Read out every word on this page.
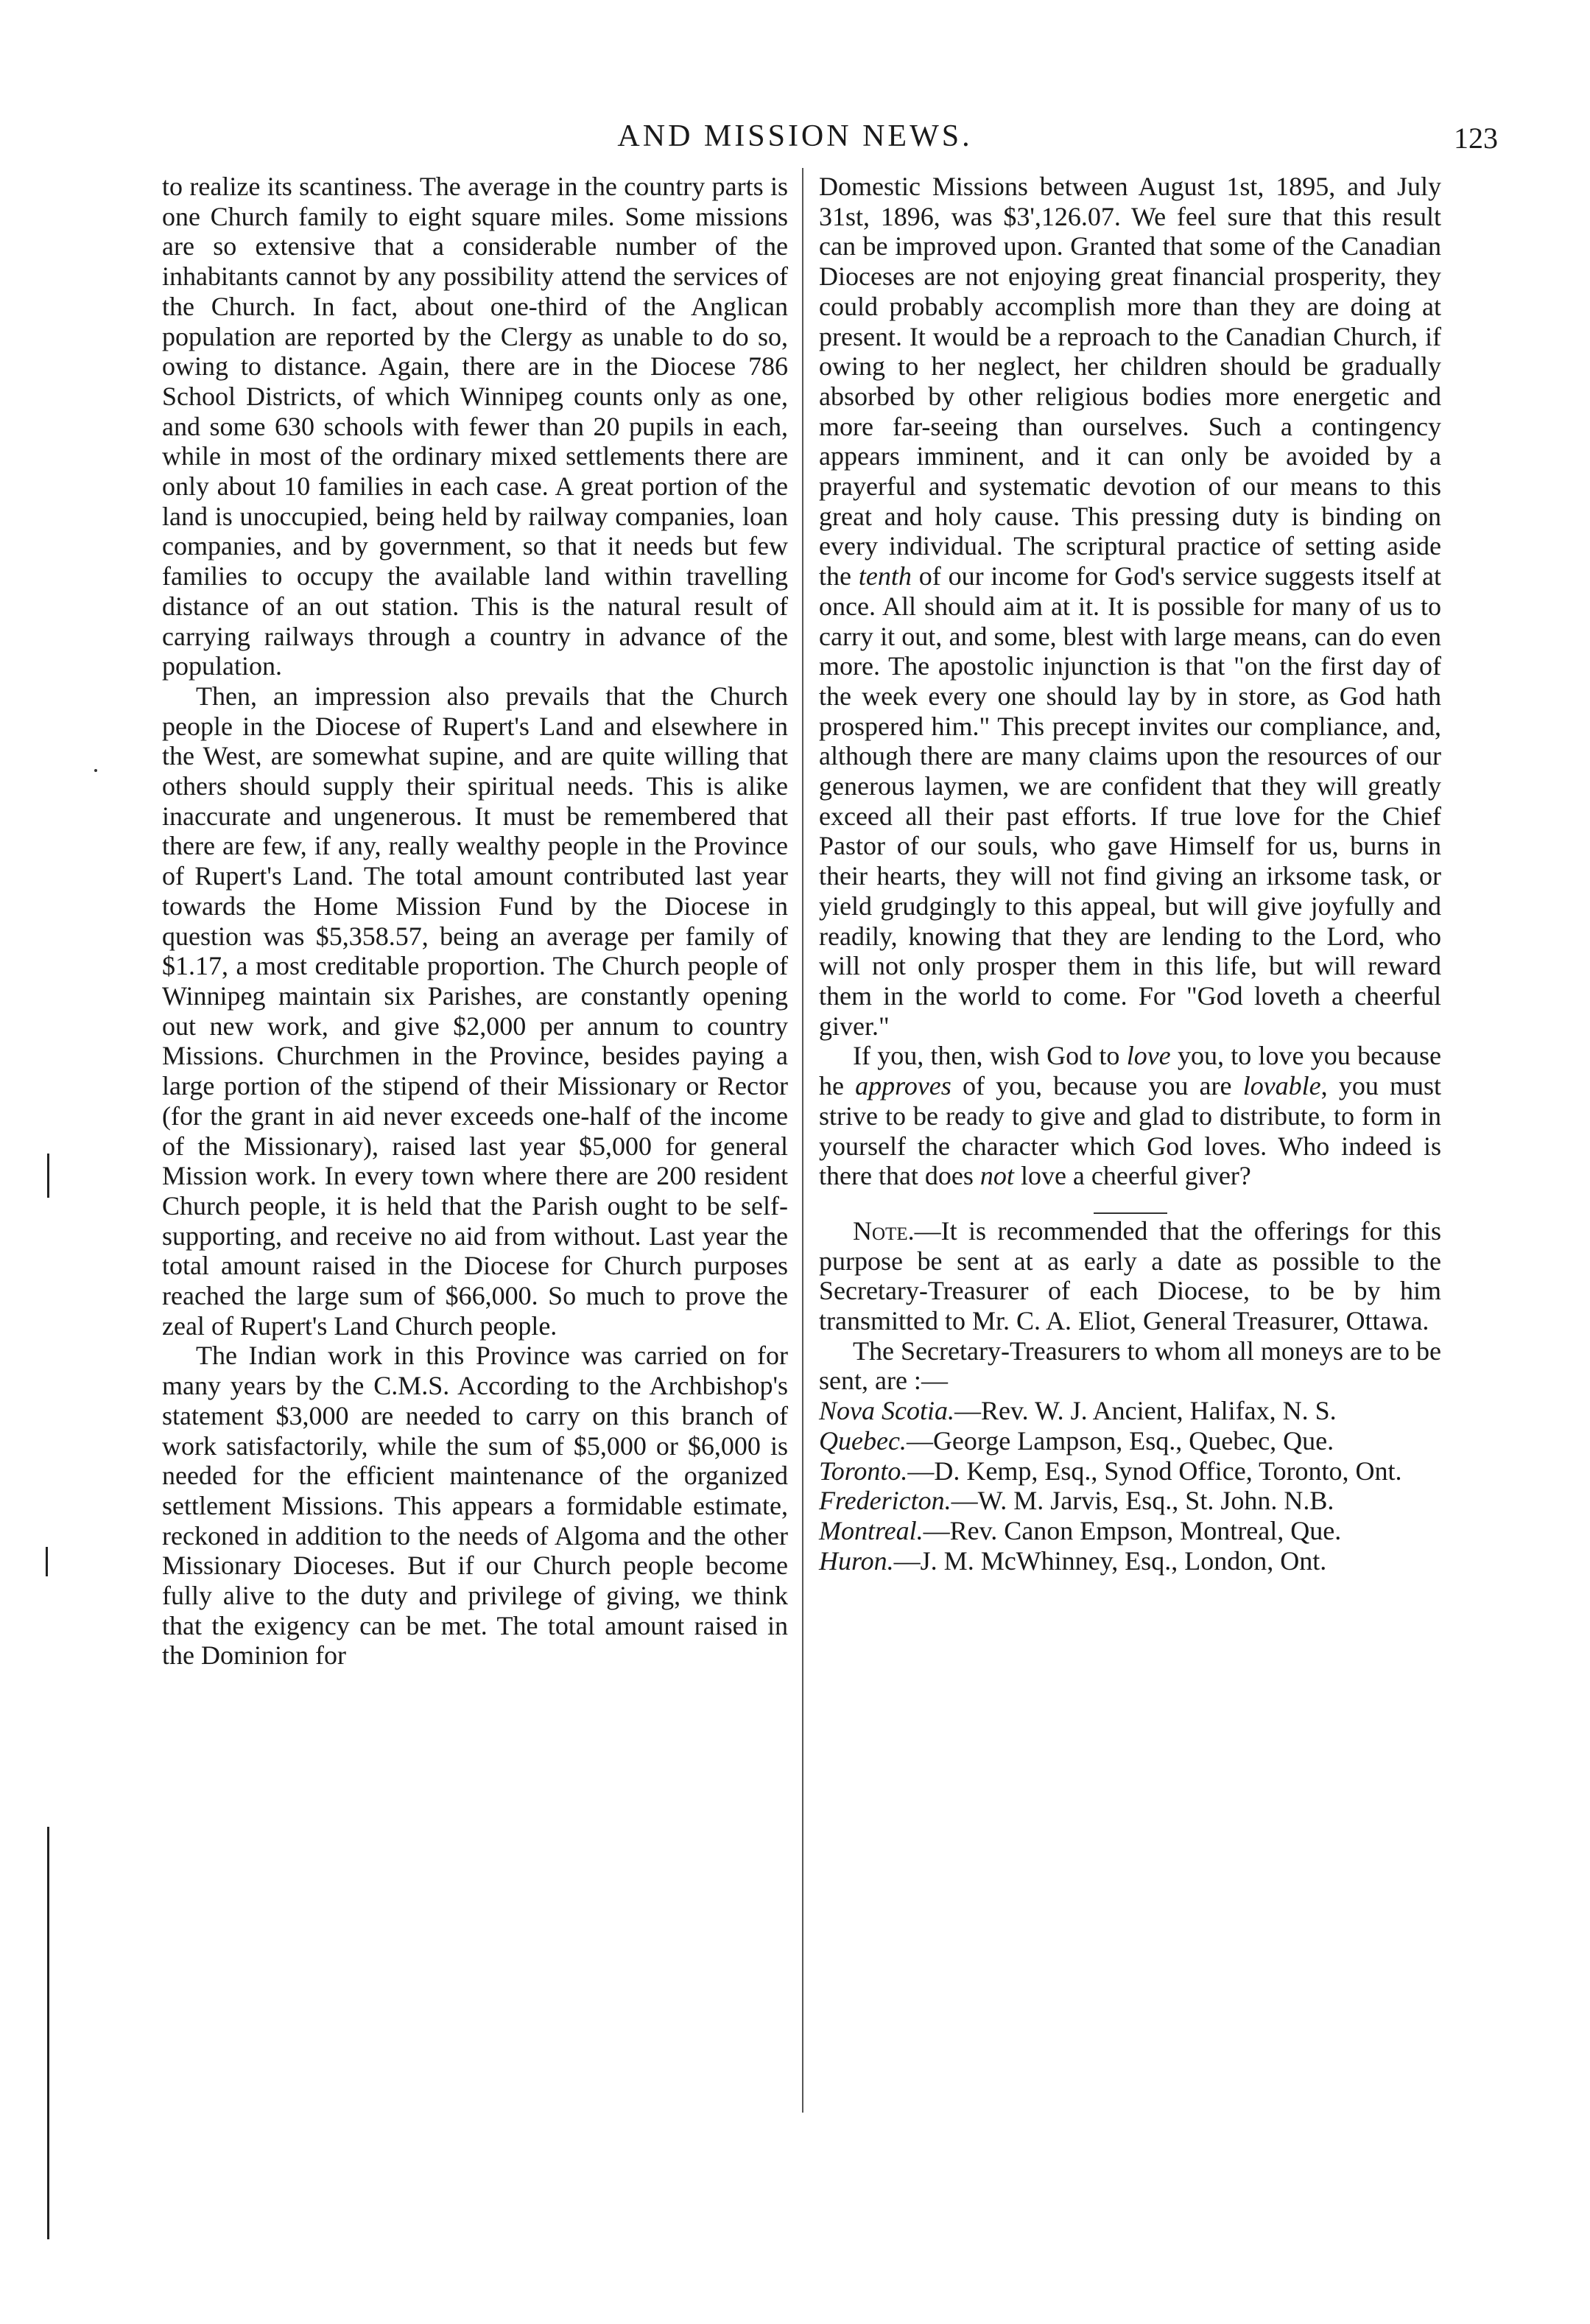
AND MISSION NEWS.	123

to realize its scantiness. The average in the country parts is one Church family to eight square miles. Some missions are so extensive that a considerable number of the inhabitants cannot by any possibility attend the services of the Church. In fact, about one-third of the Anglican population are reported by the Clergy as unable to do so, owing to distance. Again, there are in the Diocese 786 School Districts, of which Winnipeg counts only as one, and some 630 schools with fewer than 20 pupils in each, while in most of the ordinary mixed settlements there are only about 10 families in each case. A great portion of the land is unoccupied, being held by railway companies, loan companies, and by government, so that it needs but few families to occupy the available land within travelling distance of an out station. This is the natural result of carrying railways through a country in advance of the population.

Then, an impression also prevails that the Church people in the Diocese of Rupert's Land and elsewhere in the West, are somewhat supine, and are quite willing that others should supply their spiritual needs. This is alike inaccurate and ungenerous. It must be remembered that there are few, if any, really wealthy people in the Province of Rupert's Land. The total amount contributed last year towards the Home Mission Fund by the Diocese in question was $5,358.57, being an average per family of $1.17, a most creditable proportion. The Church people of Winnipeg maintain six Parishes, are constantly opening out new work, and give $2,000 per annum to country Missions. Churchmen in the Province, besides paying a large portion of the stipend of their Missionary or Rector (for the grant in aid never exceeds one-half of the income of the Missionary), raised last year $5,000 for general Mission work. In every town where there are 200 resident Church people, it is held that the Parish ought to be self-supporting, and receive no aid from without. Last year the total amount raised in the Diocese for Church purposes reached the large sum of $66,000. So much to prove the zeal of Rupert's Land Church people.

The Indian work in this Province was carried on for many years by the C.M.S. According to the Archbishop's statement $3,000 are needed to carry on this branch of work satisfactorily, while the sum of $5,000 or $6,000 is needed for the efficient maintenance of the organized settlement Missions. This appears a formidable estimate, reckoned in addition to the needs of Algoma and the other Missionary Dioceses. But if our Church people become fully alive to the duty and privilege of giving, we think that the exigency can be met. The total amount raised in the Dominion for

Domestic Missions between August 1st, 1895, and July 31st, 1896, was $3',126.07. We feel sure that this result can be improved upon. Granted that some of the Canadian Dioceses are not enjoying great financial prosperity, they could probably accomplish more than they are doing at present. It would be a reproach to the Canadian Church, if owing to her neglect, her children should be gradually absorbed by other religious bodies more energetic and more far-seeing than ourselves. Such a contingency appears imminent, and it can only be avoided by a prayerful and systematic devotion of our means to this great and holy cause. This pressing duty is binding on every individual. The scriptural practice of setting aside the tenth of our income for God's service suggests itself at once. All should aim at it. It is possible for many of us to carry it out, and some, blest with large means, can do even more. The apostolic injunction is that "on the first day of the week every one should lay by in store, as God hath prospered him." This precept invites our compliance, and, although there are many claims upon the resources of our generous laymen, we are confident that they will greatly exceed all their past efforts. If true love for the Chief Pastor of our souls, who gave Himself for us, burns in their hearts, they will not find giving an irksome task, or yield grudgingly to this appeal, but will give joyfully and readily, knowing that they are lending to the Lord, who will not only prosper them in this life, but will reward them in the world to come. For "God loveth a cheerful giver."

If you, then, wish God to love you, to love you because he approves of you, because you are lovable, you must strive to be ready to give and glad to distribute, to form in yourself the character which God loves. Who indeed is there that does not love a cheerful giver?

Note.—It is recommended that the offerings for this purpose be sent at as early a date as possible to the Secretary-Treasurer of each Diocese, to be by him transmitted to Mr. C. A. Eliot, General Treasurer, Ottawa.

The Secretary-Treasurers to whom all moneys are to be sent, are :—

Nova Scotia.—Rev. W. J. Ancient, Halifax, N. S.

Quebec.—George Lampson, Esq., Quebec, Que.

Toronto.—D. Kemp, Esq., Synod Office, Toronto, Ont.

Fredericton.—W. M. Jarvis, Esq., St. John. N.B.

Montreal.—Rev. Canon Empson, Montreal, Que.

Huron.—J. M. McWhinney, Esq., London, Ont.
